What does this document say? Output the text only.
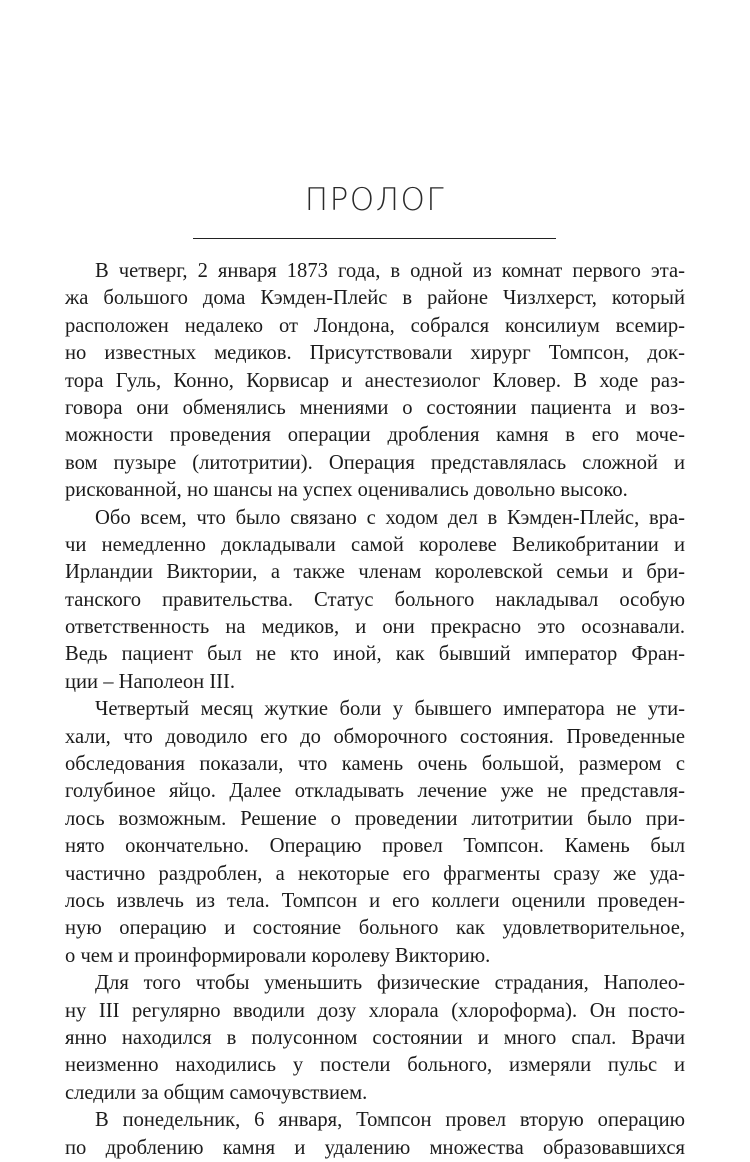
ПРОЛОГ
В четверг, 2 января 1873 года, в одной из комнат первого эта-
жа большого дома Кэмден-Плейс в районе Чизлхерст, который
расположен недалеко от Лондона, собрался консилиум всемир-
но известных медиков. Присутствовали хирург Томпсон, док-
тора Гуль, Конно, Корвисар и анестезиолог Кловер. В ходе раз-
говора они обменялись мнениями о состоянии пациента и воз-
можности проведения операции дробления камня в его моче-
вом пузыре (литотритии). Операция представлялась сложной и
рискованной, но шансы на успех оценивались довольно высоко.
Обо всем, что было связано с ходом дел в Кэмден-Плейс, вра-
чи немедленно докладывали самой королеве Великобритании и
Ирландии Виктории, а также членам королевской семьи и бри-
танского правительства. Статус больного накладывал особую
ответственность на медиков, и они прекрасно это осознавали.
Ведь пациент был не кто иной, как бывший император Фран-
ции – Наполеон III.
Четвертый месяц жуткие боли у бывшего императора не ути-
хали, что доводило его до обморочного состояния. Проведенные
обследования показали, что камень очень большой, размером с
голубиное яйцо. Далее откладывать лечение уже не представля-
лось возможным. Решение о проведении литотритии было при-
нято окончательно. Операцию провел Томпсон. Камень был
частично раздроблен, а некоторые его фрагменты сразу же уда-
лось извлечь из тела. Томпсон и его коллеги оценили проведен-
ную операцию и состояние больного как удовлетворительное,
о чем и проинформировали королеву Викторию.
Для того чтобы уменьшить физические страдания, Наполео-
ну III регулярно вводили дозу хлорала (хлороформа). Он посто-
янно находился в полусонном состоянии и много спал. Врачи
неизменно находились у постели больного, измеряли пульс и
следили за общим самочувствием.
В понедельник, 6 января, Томпсон провел вторую операцию
по дроблению камня и удалению множества образовавшихся
